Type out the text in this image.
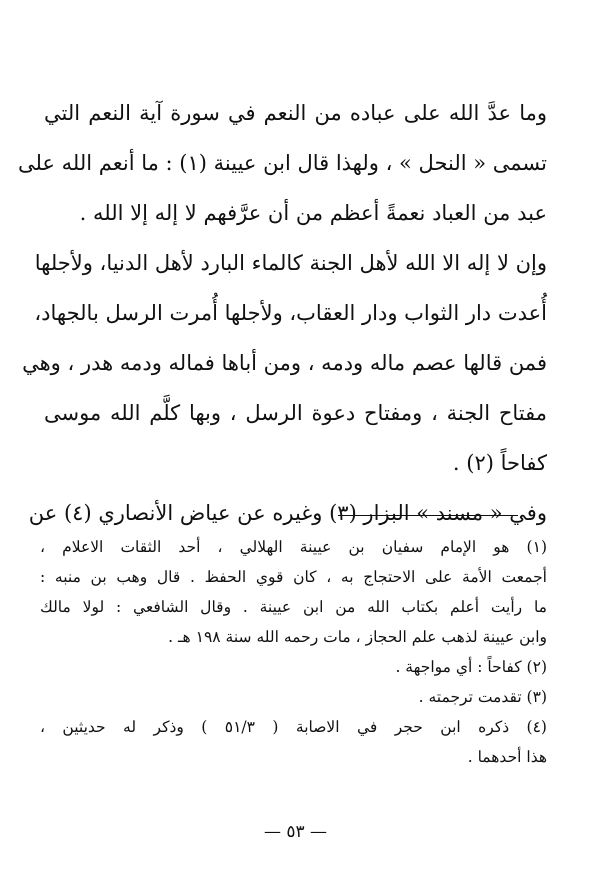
وما عدَّ الله على عباده من النعم في سورة آية النعم التي
تسمى « النحل » ، ولهذا قال ابن عيينة (١) : ما أنعم الله على
عبد من العباد نعمةً أعظم من أن عرَّفهم لا إله إلا الله .
وإن لا إله الا الله لأهل الجنة كالماء البارد لأهل الدنيا، ولأجلها
أُعدت دار الثواب ودار العقاب، ولأجلها أُمرت الرسل بالجهاد،
فمن قالها عصم ماله ودمه ، ومن أباها فماله ودمه هدر ، وهي
مفتاح الجنة ، ومفتاح دعوة الرسل ، وبها كلَّم الله موسى
كفاحاً (٢) .
وفي « مسند » البزار (٣) وغيره عن عياض الأنصاري (٤) عن
(١) هو الإمام سفيان بن عيينة الهلالي ، أحد الثقات الاعلام ،
أجمعت الأمة على الاحتجاج به ، كان قوي الحفظ . قال وهب بن منبه :
ما رأيت أعلم بكتاب الله من ابن عيينة . وقال الشافعي : لولا مالك
وابن عيينة لذهب علم الحجاز ، مات رحمه الله سنة ١٩٨ هـ .
(٢) كفاحاً : أي مواجهة .
(٣) تقدمت ترجمته .
(٤) ذكره ابن حجر في الاصابة ( ٥١/٣ ) وذكر له حديثين ،
هذا أحدهما .
— ٥٣ —
